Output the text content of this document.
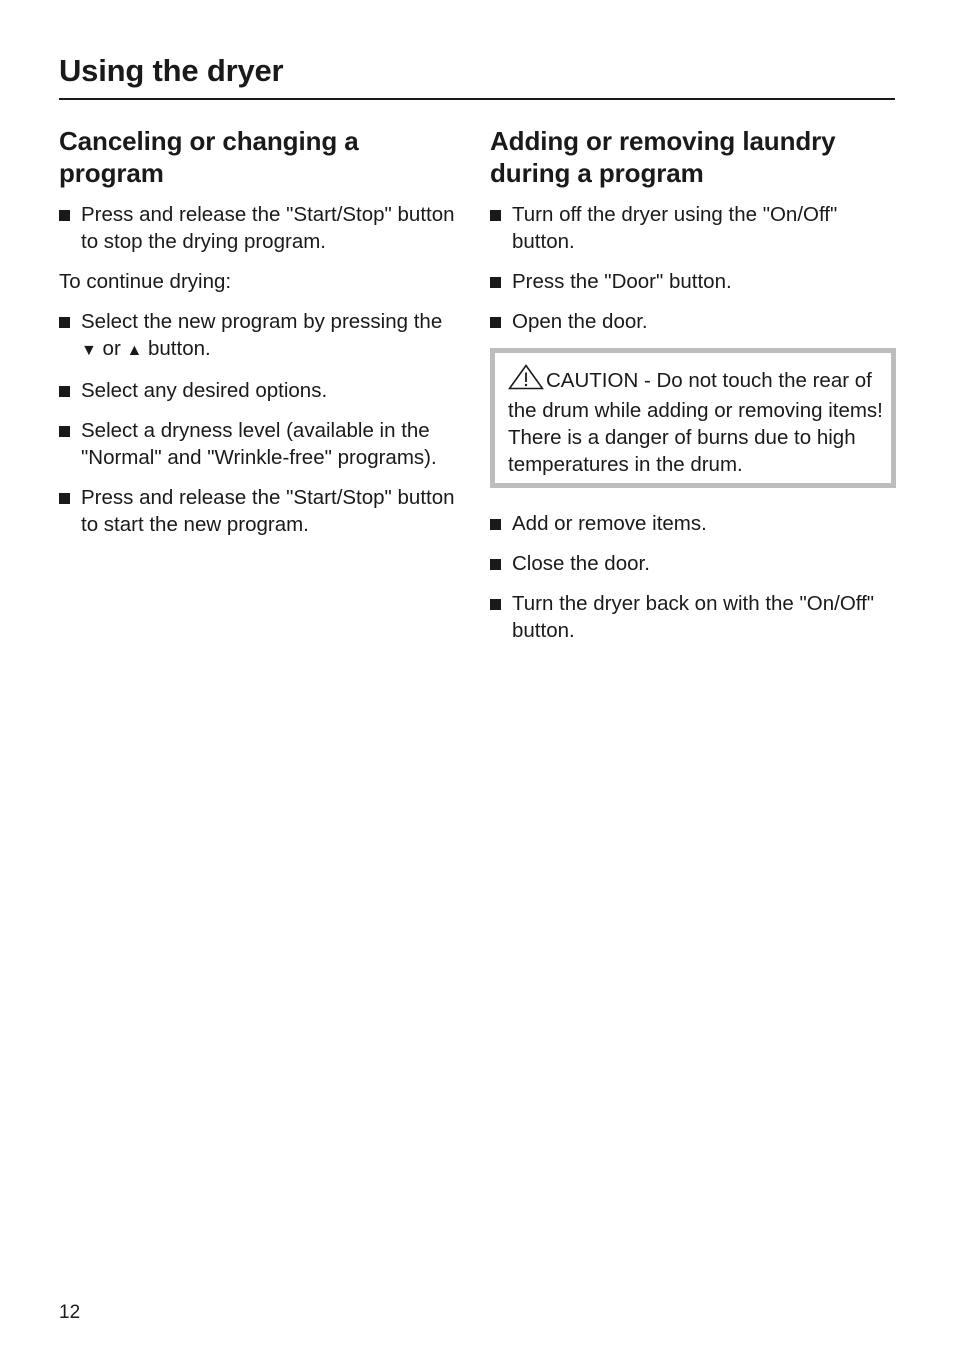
Using the dryer
Canceling or changing a program
Press and release the "Start/Stop" button to stop the drying program.

To continue drying:

Select the new program by pressing the ▼ or ▲ button.
Select any desired options.
Select a dryness level (available in the "Normal" and "Wrinkle-free" programs).
Press and release the "Start/Stop" button to start the new program.
Adding or removing laundry during a program
Turn off the dryer using the "On/Off" button.
Press the "Door" button.
Open the door.
CAUTION - Do not touch the rear of the drum while adding or removing items! There is a danger of burns due to high temperatures in the drum.
Add or remove items.
Close the door.
Turn the dryer back on with the "On/Off" button.
12
